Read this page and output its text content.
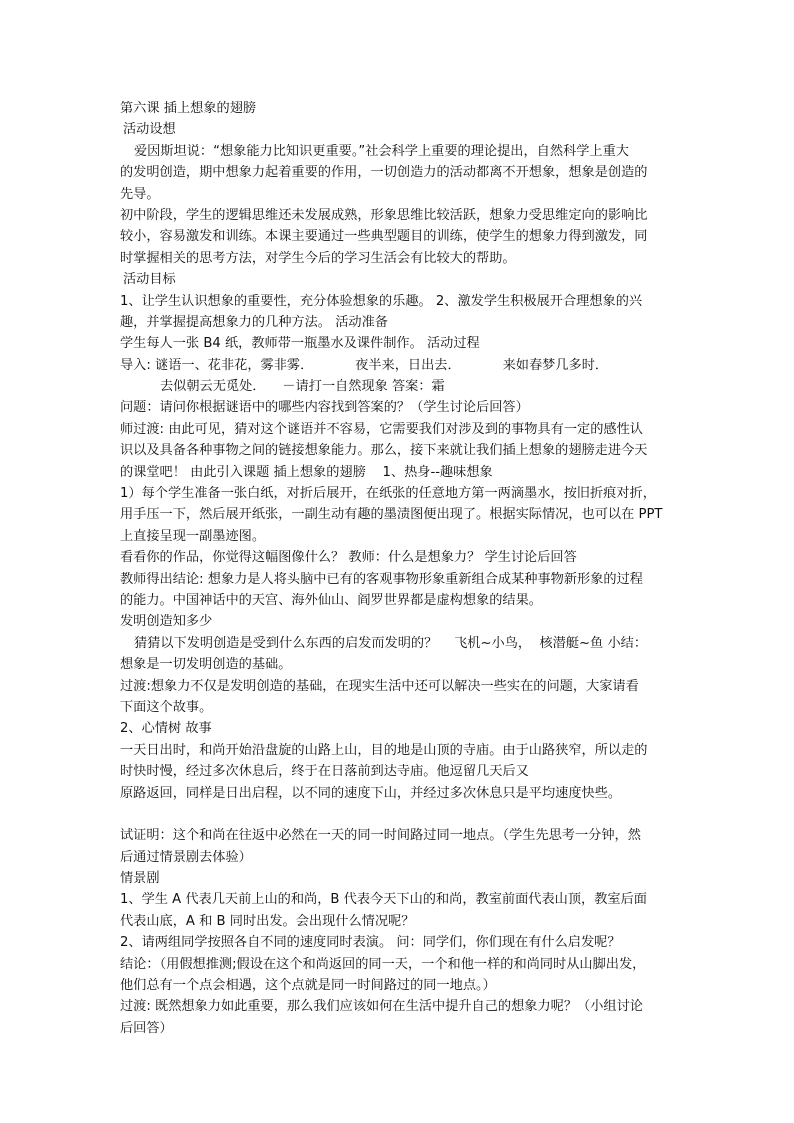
第六课 插上想象的翅膀
活动设想
爱因斯坦说：“想象能力比知识更重要。”社会科学上重要的理论提出，自然科学上重大
的发明创造，期中想象力起着重要的作用，一切创造力的活动都离不开想象，想象是创造的
先导。
初中阶段，学生的逻辑思维还未发展成熟，形象思维比较活跃，想象力受思维定向的影响比
较小，容易激发和训练。本课主要通过一些典型题目的训练，使学生的想象力得到激发，同
时掌握相关的思考方法，对学生今后的学习生活会有比较大的帮助。
活动目标
1、让学生认识想象的重要性，充分体验想象的乐趣。 2、激发学生积极展开合理想象的兴
趣，并掌握提高想象力的几种方法。 活动准备
学生每人一张 B4 纸，教师带一瓶墨水及课件制作。 活动过程
导入: 谜语一、花非花，雾非雾．          夜半来，日出去．          来如春梦几多时．
去似朝云无觅处．    －请打一自然现象 答案：霜
问题：请问你根据谜语中的哪些内容找到答案的？（学生讨论后回答）
师过渡: 由此可见，猜对这个谜语并不容易，它需要我们对涉及到的事物具有一定的感性认
识以及具备各种事物之间的链接想象能力。那么，接下来就让我们插上想象的翅膀走进今天
的课堂吧！ 由此引入课题 插上想象的翅膀    1、热身--趣味想象
1）每个学生准备一张白纸，对折后展开，在纸张的任意地方第一两滴墨水，按旧折痕对折，
用手压一下，然后展开纸张，一副生动有趣的墨渍图便出现了。根据实际情况，也可以在 PPT
上直接呈现一副墨迹图。
看看你的作品，你觉得这幅图像什么？ 教师：什么是想象力？ 学生讨论后回答
教师得出结论: 想象力是人将头脑中已有的客观事物形象重新组合成某种事物新形象的过程
的能力。中国神话中的天宫、海外仙山、阎罗世界都是虚构想象的结果。
发明创造知多少
猜猜以下发明创造是受到什么东西的启发而发明的？    飞机~小鸟，  核潜艇~鱼 小结：
想象是一切发明创造的基础。
过渡:想象力不仅是发明创造的基础，在现实生活中还可以解决一些实在的问题，大家请看
下面这个故事。
2、心情树 故事
一天日出时，和尚开始沿盘旋的山路上山，目的地是山顶的寺庙。由于山路狭窄，所以走的
时快时慢，经过多次休息后，终于在日落前到达寺庙。他逗留几天后又
原路返回，同样是日出启程，以不同的速度下山，并经过多次休息只是平均速度快些。
试证明：这个和尚在往返中必然在一天的同一时间路过同一地点。（学生先思考一分钟，然
后通过情景剧去体验）
情景剧
1、学生 A 代表几天前上山的和尚，B 代表今天下山的和尚，教室前面代表山顶，教室后面
代表山底，A 和 B 同时出发。会出现什么情况呢？
2、请两组同学按照各自不同的速度同时表演。 问：同学们，你们现在有什么启发呢？
结论：（用假想推测;假设在这个和尚返回的同一天，一个和他一样的和尚同时从山脚出发，
他们总有一个点会相遇，这个点就是同一时间路过的同一地点。）
过渡: 既然想象力如此重要，那么我们应该如何在生活中提升自己的想象力呢？（小组讨论
后回答）
